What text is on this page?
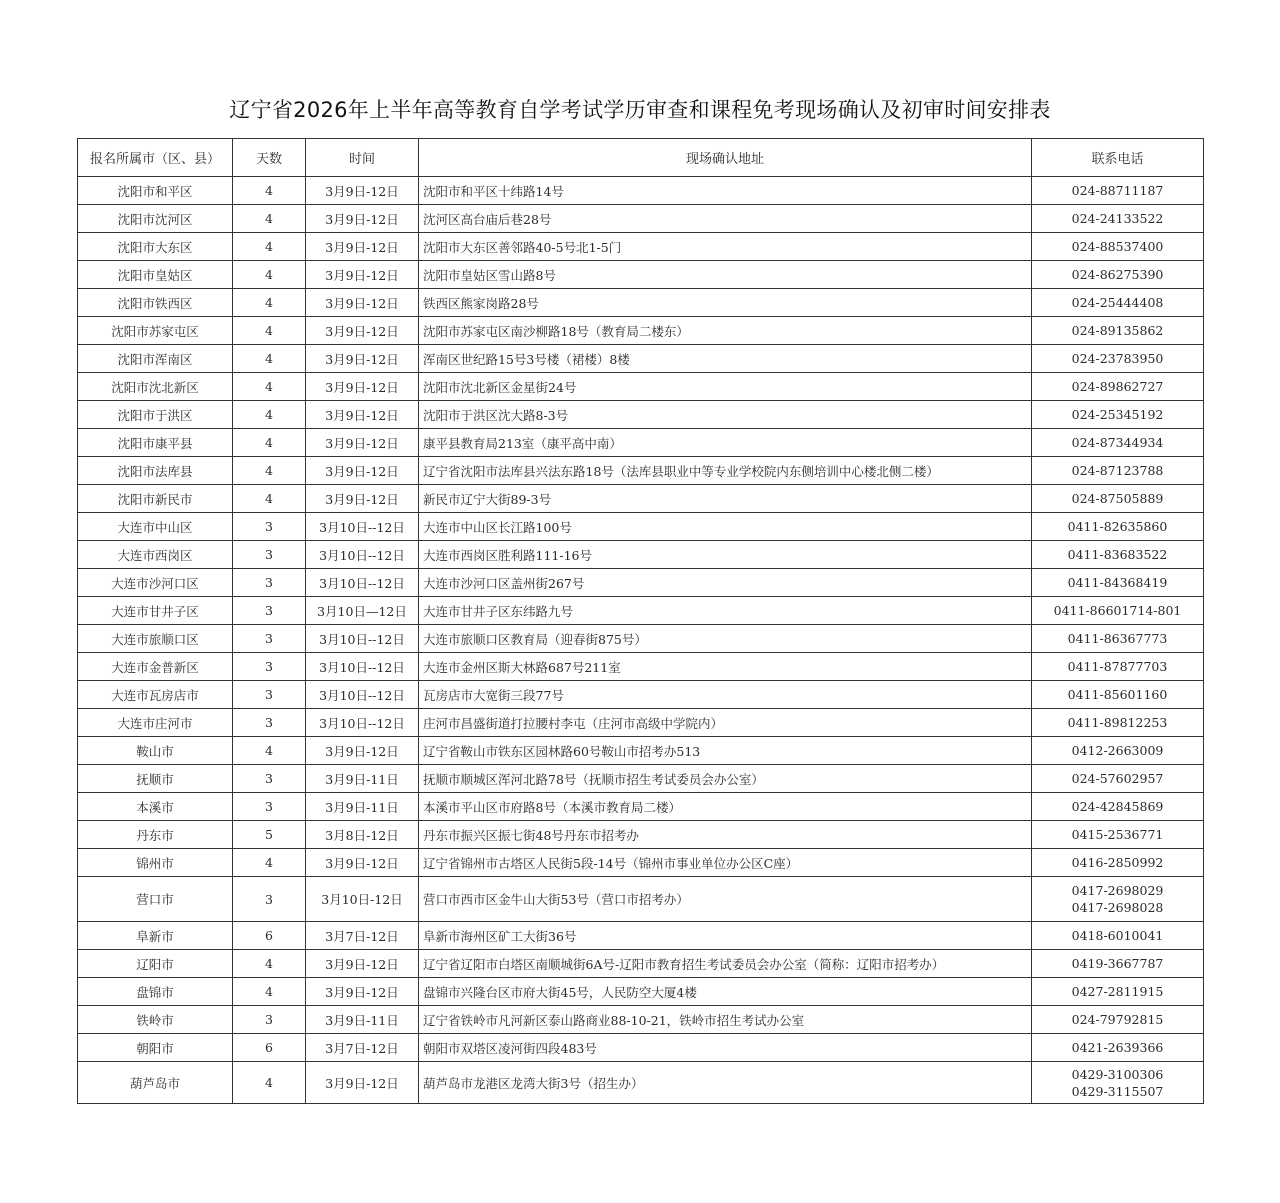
辽宁省2026年上半年高等教育自学考试学历审查和课程免考现场确认及初审时间安排表
报名所属市（区、县）	天数	时间	现场确认地址	联系电话
沈阳市和平区	4	3月9日-12日	沈阳市和平区十纬路14号	024-88711187

沈阳市沈河区	4	3月9日-12日	沈河区高台庙后巷28号	024-24133522

沈阳市大东区	4	3月9日-12日	沈阳市大东区善邻路40-5号北1-5门	024-88537400

沈阳市皇姑区	4	3月9日-12日	沈阳市皇姑区雪山路8号	024-86275390

沈阳市铁西区	4	3月9日-12日	铁西区熊家岗路28号	024-25444408

沈阳市苏家屯区	4	3月9日-12日	沈阳市苏家屯区南沙柳路18号（教育局二楼东）	024-89135862

沈阳市浑南区	4	3月9日-12日	浑南区世纪路15号3号楼（裙楼）8楼	024-23783950

沈阳市沈北新区	4	3月9日-12日	沈阳市沈北新区金星街24号	024-89862727

沈阳市于洪区	4	3月9日-12日	沈阳市于洪区沈大路8-3号	024-25345192

沈阳市康平县	4	3月9日-12日	康平县教育局213室（康平高中南）	024-87344934

沈阳市法库县	4	3月9日-12日	辽宁省沈阳市法库县兴法东路18号（法库县职业中等专业学校院内东侧培训中心楼北侧二楼）	024-87123788

沈阳市新民市	4	3月9日-12日	新民市辽宁大街89-3号	024-87505889

大连市中山区	3	3月10日--12日	大连市中山区长江路100号	0411-82635860

大连市西岗区	3	3月10日--12日	大连市西岗区胜利路111-16号	0411-83683522

大连市沙河口区	3	3月10日--12日	大连市沙河口区盖州街267号	0411-84368419

大连市甘井子区	3	3月10日—12日	大连市甘井子区东纬路九号	0411-86601714-801

大连市旅顺口区	3	3月10日--12日	大连市旅顺口区教育局（迎春街875号）	0411-86367773

大连市金普新区	3	3月10日--12日	大连市金州区斯大林路687号211室	0411-87877703

大连市瓦房店市	3	3月10日--12日	瓦房店市大宽街三段77号	0411-85601160

大连市庄河市	3	3月10日--12日	庄河市昌盛街道打拉腰村李屯（庄河市高级中学院内）	0411-89812253

鞍山市	4	3月9日-12日	辽宁省鞍山市铁东区园林路60号鞍山市招考办513	0412-2663009

抚顺市	3	3月9日-11日	抚顺市顺城区浑河北路78号（抚顺市招生考试委员会办公室）	024-57602957

本溪市	3	3月9日-11日	本溪市平山区市府路8号（本溪市教育局二楼）	024-42845869

丹东市	5	3月8日-12日	丹东市振兴区振七街48号丹东市招考办	0415-2536771

锦州市	4	3月9日-12日	辽宁省锦州市古塔区人民街5段-14号（锦州市事业单位办公区C座）	0416-2850992

营口市	3	3月10日-12日	营口市西市区金牛山大街53号（营口市招考办）	0417-2698029
0417-2698028

阜新市	6	3月7日-12日	阜新市海州区矿工大街36号	0418-6010041

辽阳市	4	3月9日-12日	辽宁省辽阳市白塔区南顺城街6A号-辽阳市教育招生考试委员会办公室（简称：辽阳市招考办）	0419-3667787

盘锦市	4	3月9日-12日	盘锦市兴隆台区市府大街45号，人民防空大厦4楼	0427-2811915

铁岭市	3	3月9日-11日	辽宁省铁岭市凡河新区泰山路商业88-10-21，铁岭市招生考试办公室	024-79792815

朝阳市	6	3月7日-12日	朝阳市双塔区凌河街四段483号	0421-2639366

葫芦岛市	4	3月9日-12日	葫芦岛市龙港区龙湾大街3号（招生办）	0429-3100306
0429-3115507
